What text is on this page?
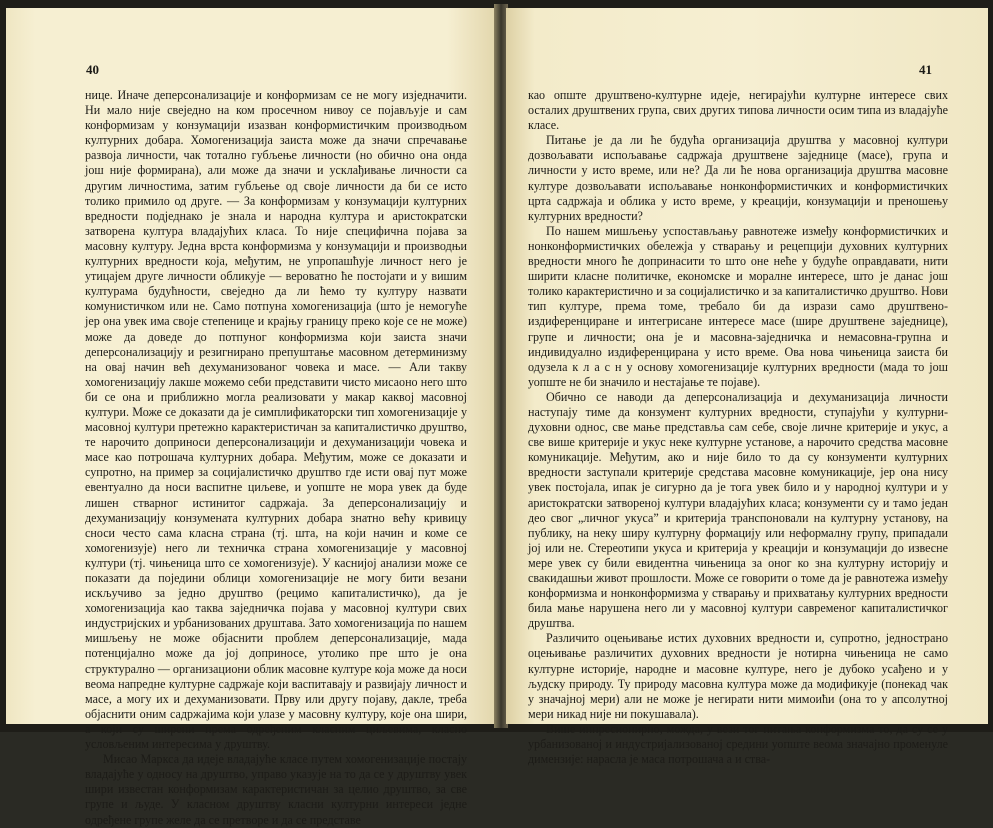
40

нице. Иначе деперсонализације и конформизам се не могу изједначити. Ни мало није свеједно на ком просечном нивоу се појављује и сам конформизам у конзумацији изазван конформистичким производњом културних добара. Хомогенизација заиста може да значи спречавање развоја личности, чак тотално губљење личности (но обично она онда још није формирана), али може да значи и усклађивање личности са другим личностима, затим губљење од своје личности да би се исто толико примило од друге. — За конформизам у конзумацији културних вредности подједнако је знала и народна култура и аристократски затворена култура владајућих класа. То није специфична појава за масовну културу. Једна врста конформизма у конзумацији и производњи културних вредности која, међутим, не упропашћује личност него је утицајем друге личности обликује — вероватно ће постојати и у вишим културама будућности, свеједно да ли ћемо ту културу назвати комунистичком или не. Само потпуна хомогенизација (што је немогуће јер она увек има своје степенице и крајњу границу преко које се не може) може да доведе до потпуног конформизма који заиста значи деперсонализацију и резигнирано препуштање масовном детерминизму на овај начин већ дехуманизованог човека и масе. — Али такву хомогенизацију лакше можемо себи представити чисто мисаоно него што би се она и приближно могла реализовати у макар каквој масовној култури. Може се доказати да је симплификаторски тип хомогенизације у масовној култури претежно карактеристичан за капиталистичко друштво, те нарочито доприноси деперсонализацији и дехуманизацији човека и масе као потрошача културних добара. Међутим, може се доказати и супротно, на пример за социјалистичко друштво где исти овај пут може евентуално да носи васпитне циљеве, и уопште не мора увек да буде лишен стварног истинитог садржаја. За деперсонализацију и дехуманизацију конзумената културних добара знатно већу кривицу сноси често сама класна страна (тј. шта, на који начин и коме се хомогенизује) него ли техничка страна хомогенизације у масовној култури (тј. чињеница што се хомогенизује). У каснијој анализи може се показати да поједини облици хомогенизације не могу бити везани искључиво за једно друштво (рецимо капиталистичко), да је хомогенизација као таква заједничка појава у масовној култури свих индустријских и урбанизованих друштава. Зато хомогенизација по нашем мишљењу не може објаснити проблем деперсонализације, мада потенцијално може да јој доприносе, утолико пре што је она структурално — организациони облик масовне културе која може да носи веома напредне културне садржаје који васпитавају и развијају личност и масе, а могу их и дехуманизовати. Прву или другу појаву, дакле, треба објаснити оним садржајима који улазе у масовну културу, које она шири, а који су ширени према одређеним класним циљевима, класно условљеним интересима у друштву.

Мисао Маркса да идеје владајуће класе путем хомогенизације постају владајуће у односу на друштво, управо указује на то да се у друштву увек шири известан конформизам карактеристичан за целио друштво, за све групе и људе. У класном друштву класни културни интереси једне одређене групе желе да се претворе и да се представе

41

као опште друштвено-културне идеје, негирајући културне интересе свих осталих друштвених група, свих других типова личности осим типа из владајуће класе.

Питање је да ли ће будућа организација друштва у масовној култури дозвољавати испољавање садржаја друштвене заједнице (масе), група и личности у исто време, или не? Да ли ће нова организација друштва масовне културе дозвољавати испољавање нонконформистичких и конформистичких црта садржаја и облика у исто време, у креацији, конзумацији и преношењу културних вредности?

По нашем мишљењу успостављању равнотеже између конформистичких и нонконформистичких обележја у стварању и рецепцији духовних културних вредности много ће допринасити то што оне неће у будуће оправдавати, нити ширити класне политичке, економске и моралне интересе, што је данас још толико карактеристично и за социјалистичко и за капиталистичко друштво. Нови тип културе, према томе, требало би да изрази само друштвено-издиференциране и интегрисане интересе масе (шире друштвене заједнице), групе и личности; она је и масовна-заједничка и немасовна-групна и индивидуално издиференцирана у исто време. Ова нова чињеница заиста би одузела к л а с н у основу хомогенизације културних вредности (мада то још уопште не би значило и нестајање те појаве).

Обично се наводи да деперсонализација и дехуманизација личности наступају тиме да конзумент културних вредности, ступајући у културни-духовни однос, све мање представља сам себе, своје личне критерије и укус, а све више критерије и укус неке културне установе, а нарочито средства масовне комуникације. Међутим, ако и није било то да су конзументи културних вредности заступали критерије средстава масовне комуникације, јер она нису увек постојала, ипак је сигурно да је тога увек било и у народној култури и у аристократски затвореној култури владајућих класа; конзументи су и тамо један део свог „личног укуса” и критерија транспоновали на културну установу, на публику, на неку ширу културну формацију или неформалну групу, припадали јој или не. Стереотипи укуса и критерија у креацији и конзумацији до извесне мере увек су били евидентна чињеница за оног ко зна културну историју и свакидашњи живот прошлости. Може се говорити о томе да је равнотежа између конформизма и нонконформизма у стварању и прихватању културних вредности била мање нарушена него ли у масовној култури савременог капиталистичког друштва.

Различито оцењивање истих духовних вредности и, супротно, једнострано оцењивање различитих духовних вредности је нотирна чињеница не само културне историје, народне и масовне културе, него је дубоко усађено и у људску природу. Ту природу масовна култура може да модификује (понекад чак у значајној мери) али не може је негирати нити мимоићи (она то у апсолутној мери никад није ни покушавала).

Више инпресионирно, можда, у вези тог питања конформизма то, да су се у урбанизованој и индустријализованој средини уопште веома значајно променуле димензије: нарасла је маса потрошача а и ства-
